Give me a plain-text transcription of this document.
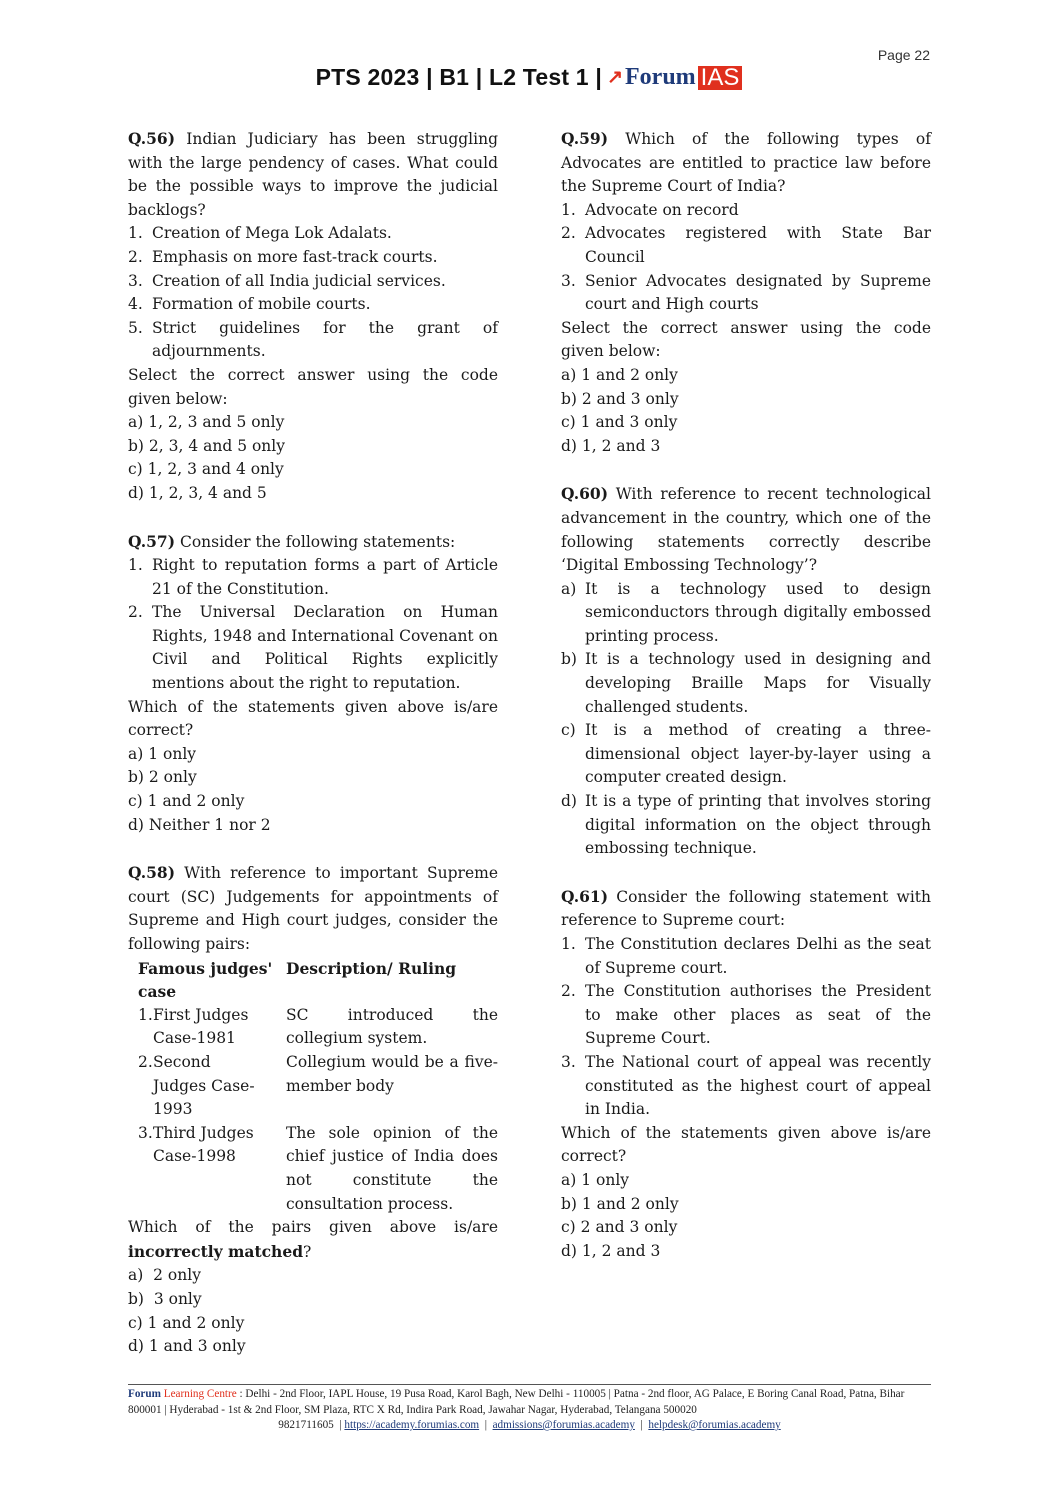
Page 22
PTS 2023 | B1 | L2 Test 1 | ↗ Forum IAS

Q.56) Indian Judiciary has been struggling with the large pendency of cases. What could be the possible ways to improve the judicial backlogs?

1. Creation of Mega Lok Adalats.
2. Emphasis on more fast-track courts.
3. Creation of all India judicial services.
4. Formation of mobile courts.
5. Strict guidelines for the grant of adjournments.

Select the correct answer using the code given below:

a) 1, 2, 3 and 5 only

b) 2, 3, 4 and 5 only

c) 1, 2, 3 and 4 only

d) 1, 2, 3, 4 and 5

Q.57) Consider the following statements:

1. Right to reputation forms a part of Article 21 of the Constitution.
2. The Universal Declaration on Human Rights, 1948 and International Covenant on Civil and Political Rights explicitly mentions about the right to reputation.

Which of the statements given above is/are correct?

a) 1 only

b) 2 only

c) 1 and 2 only

d) Neither 1 nor 2

Q.58) With reference to important Supreme court (SC) Judgements for appointments of Supreme and High court judges, consider the following pairs:

Famous judges' case	Description/ Ruling

1. First Judges Case-1981	SC introduced the collegium system.

2. Second Judges Case-1993	Collegium would be a five-member body

3. Third Judges Case-1998	The sole opinion of the chief justice of India does not constitute the consultation process.

Which of the pairs given above is/are incorrectly matched?

a)  2 only

b)  3 only

c) 1 and 2 only

d) 1 and 3 only

Q.59) Which of the following types of Advocates are entitled to practice law before the Supreme Court of India?

1. Advocate on record
2. Advocates registered with State Bar Council
3. Senior Advocates designated by Supreme court and High courts

Select the correct answer using the code given below:

a) 1 and 2 only

b) 2 and 3 only

c) 1 and 3 only

d) 1, 2 and 3

Q.60) With reference to recent technological advancement in the country, which one of the following statements correctly describe ‘Digital Embossing Technology’?

a) It is a technology used to design semiconductors through digitally embossed printing process.
b) It is a technology used in designing and developing Braille Maps for Visually challenged students.
c) It is a method of creating a three-dimensional object layer-by-layer using a computer created design.
d) It is a type of printing that involves storing digital information on the object through embossing technique.

Q.61) Consider the following statement with reference to Supreme court:

1. The Constitution declares Delhi as the seat of Supreme court.
2. The Constitution authorises the President to make other places as seat of the Supreme Court.
3. The National court of appeal was recently constituted as the highest court of appeal in India.

Which of the statements given above is/are correct?

a) 1 only

b) 1 and 2 only

c) 2 and 3 only

d) 1, 2 and 3

Forum Learning Centre : Delhi - 2nd Floor, IAPL House, 19 Pusa Road, Karol Bagh, New Delhi - 110005 | Patna - 2nd floor, AG Palace, E Boring Canal Road, Patna, Bihar 800001 | Hyderabad - 1st & 2nd Floor, SM Plaza, RTC X Rd, Indira Park Road, Jawahar Nagar, Hyderabad, Telangana 500020
9821711605  | https://academy.forumias.com  |  admissions@forumias.academy  |  helpdesk@forumias.academy
